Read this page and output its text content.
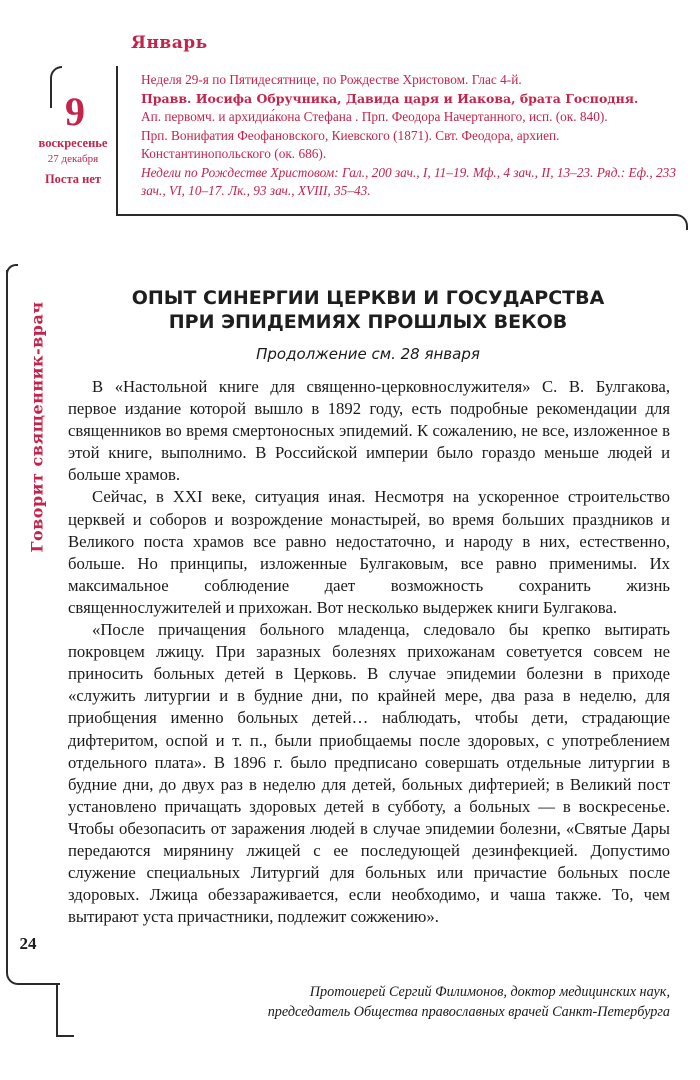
Январь
9
воскресенье
27 декабря
Поста нет

Неделя 29-я по Пятидесятнице, по Рождестве Христовом. Глас 4-й.

Правв. Иосифа Обручника, Давида царя и Иакова, брата Господня.

Ап. первомч. и архидиа́кона Стефана . Прп. Феодора Начертанного, исп. (ок. 840).

Прп. Вонифатия Феофановского, Киевского (1871). Свт. Феодора, архиеп. Константинопольского (ок. 686).

Недели по Рождестве Христовом: Гал., 200 зач., I, 11–19. Мф., 4 зач., II, 13–23. Ряд.: Еф., 233 зач., VI, 10–17. Лк., 93 зач., XVIII, 35–43.

Говорит священник-врач
ОПЫТ СИНЕРГИИ ЦЕРКВИ И ГОСУДАРСТВА
ПРИ ЭПИДЕМИЯХ ПРОШЛЫХ ВЕКОВ
Продолжение см. 28 января

В «Настольной книге для священно-церковнослужителя» С. В. Булгакова, первое издание которой вышло в 1892 году, есть подробные рекомендации для священников во время смертоносных эпидемий. К сожалению, не все, изложенное в этой книге, выполнимо. В Российской империи было гораздо меньше людей и больше храмов.

Сейчас, в XXI веке, ситуация иная. Несмотря на ускоренное строительство церквей и соборов и возрождение монастырей, во время больших праздников и Великого поста храмов все равно недостаточно, и народу в них, естественно, больше. Но принципы, изложенные Булгаковым, все равно применимы. Их максимальное соблюдение дает возможность сохранить жизнь священнослужителей и прихожан. Вот несколько выдержек книги Булгакова.

«После причащения больного младенца, следовало бы крепко вытирать покровцем лжицу. При заразных болезнях прихожанам советуется совсем не приносить больных детей в Церковь. В случае эпидемии болезни в приходе «служить литургии и в будние дни, по крайней мере, два раза в неделю, для приобщения именно больных детей… наблюдать, чтобы дети, страдающие дифтеритом, оспой и т. п., были приобщаемы после здоровых, с употреблением отдельного плата». В 1896 г. было предписано совершать отдельные литургии в будние дни, до двух раз в неделю для детей, больных дифтерией; в Великий пост установлено причащать здоровых детей в субботу, а больных — в воскресенье. Чтобы обезопасить от заражения людей в случае эпидемии болезни, «Святые Дары передаются мирянину лжицей с ее последующей дезинфекцией. Допустимо служение специальных Литургий для больных или причастие больных после здоровых. Лжица обеззараживается, если необходимо, и чаша также. То, чем вытирают уста причастники, подлежит сожжению».

24
Протоиерей Сергий Филимонов, доктор медицинских наук,
председатель Общества православных врачей Санкт-Петербурга
